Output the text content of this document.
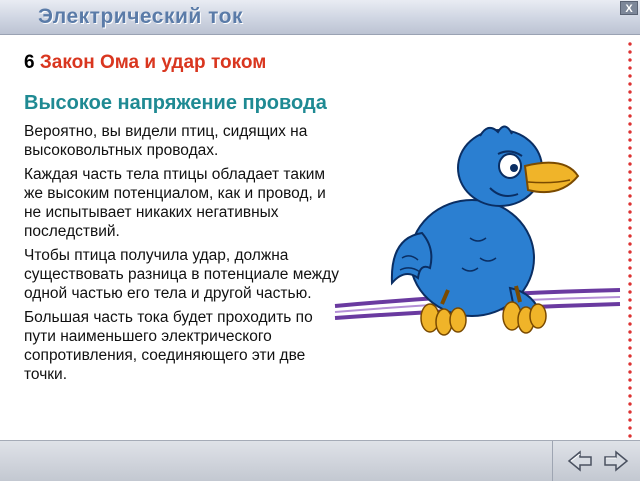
Электрический ток	X
6 Закон Ома и удар током
Высокое напряжение провода

Вероятно, вы видели птиц, сидящих на высоковольтных проводах.

Каждая часть тела птицы обладает таким же высоким потенциалом, как и провод, и не испытывает никаких негативных последствий.

Чтобы птица получила удар, должна существовать разница в потенциале между одной частью его тела и другой частью.

Большая часть тока будет проходить по пути наименьшего электрического сопротивления, соединяющего эти две точки.
